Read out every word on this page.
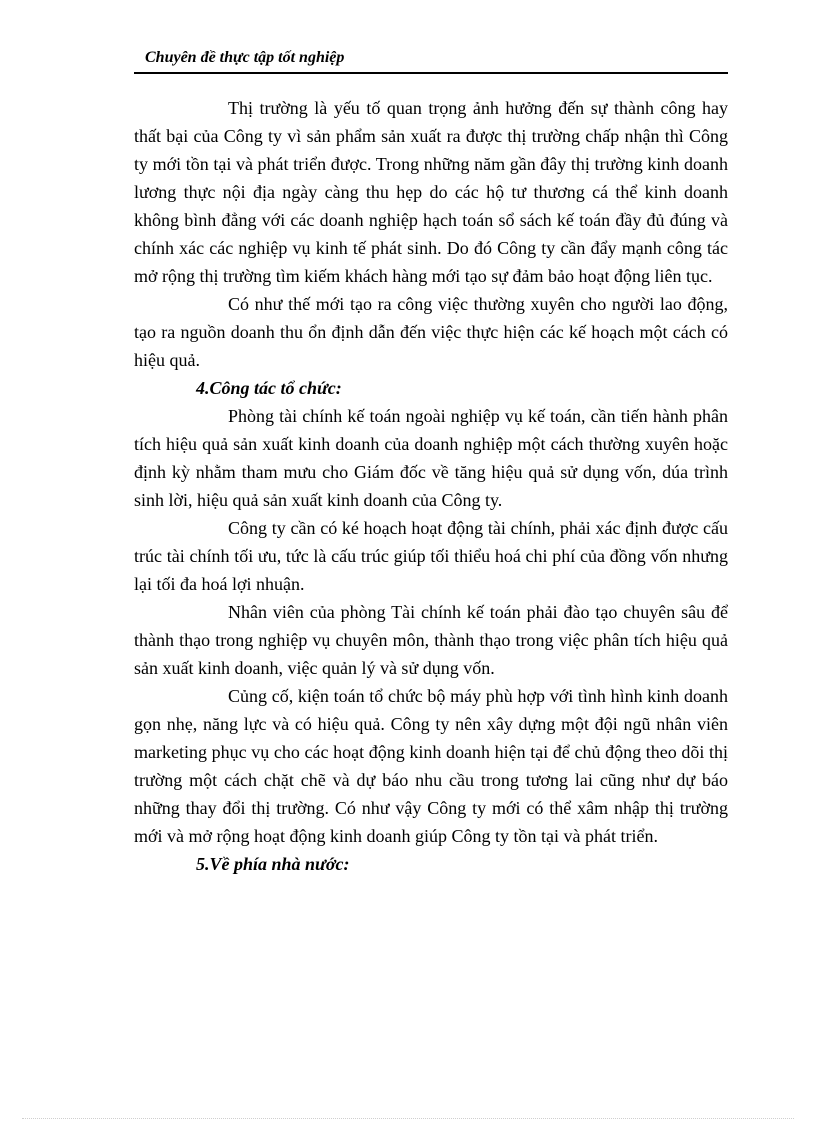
Chuyên đề thực tập tốt nghiệp

Thị trường là yếu tố quan trọng ảnh hưởng đến sự thành công hay thất bại của Công ty vì sản phẩm sản xuất ra được thị trường chấp nhận thì Công ty mới tồn tại và phát triển được. Trong những năm gần đây thị trường kinh doanh lương thực nội địa ngày càng thu hẹp do các hộ tư thương cá thể kinh doanh không bình đẳng với các doanh nghiệp hạch toán sổ sách kế toán đầy đủ đúng và chính xác các nghiệp vụ kinh tế phát sinh. Do đó Công ty cần đẩy mạnh công tác mở rộng thị trường tìm kiếm khách hàng mới tạo sự đảm bảo hoạt động liên tục.

Có như thế mới tạo ra công việc thường xuyên cho người lao động, tạo ra nguồn doanh thu ổn định dẫn đến việc thực hiện các kế hoạch một cách có hiệu quả.

4.Công tác tổ chức:

Phòng tài chính kế toán ngoài nghiệp vụ kế toán, cần tiến hành phân tích hiệu quả sản xuất kinh doanh của doanh nghiệp một cách thường xuyên hoặc định kỳ nhằm tham mưu cho Giám đốc về tăng hiệu quả sử dụng vốn, dúa trình sinh lời, hiệu quả sản xuất kinh doanh của Công ty.

Công ty cần có ké hoạch hoạt động tài chính, phải xác định được cấu trúc tài chính tối ưu, tức là cấu trúc giúp tối thiểu hoá chi phí của đồng vốn nhưng lại tối đa hoá lợi nhuận.

Nhân viên của phòng Tài chính kế toán phải đào tạo chuyên sâu để thành thạo trong nghiệp vụ chuyên môn, thành thạo trong việc phân tích hiệu quả sản xuất kinh doanh, việc quản lý và sử dụng vốn.

Củng cố, kiện toán tổ chức bộ máy phù hợp với tình hình kinh doanh gọn nhẹ, năng lực và có hiệu quả. Công ty nên xây dựng một đội ngũ nhân viên marketing phục vụ cho các hoạt động kinh doanh hiện tại để chủ động theo dõi thị trường một cách chặt chẽ và dự báo nhu cầu trong tương lai cũng như dự báo những thay đổi thị trường. Có như vậy Công ty mới có thể xâm nhập thị trường mới và mở rộng hoạt động kinh doanh giúp Công ty tồn tại và phát triển.

5.Về phía nhà nước:
